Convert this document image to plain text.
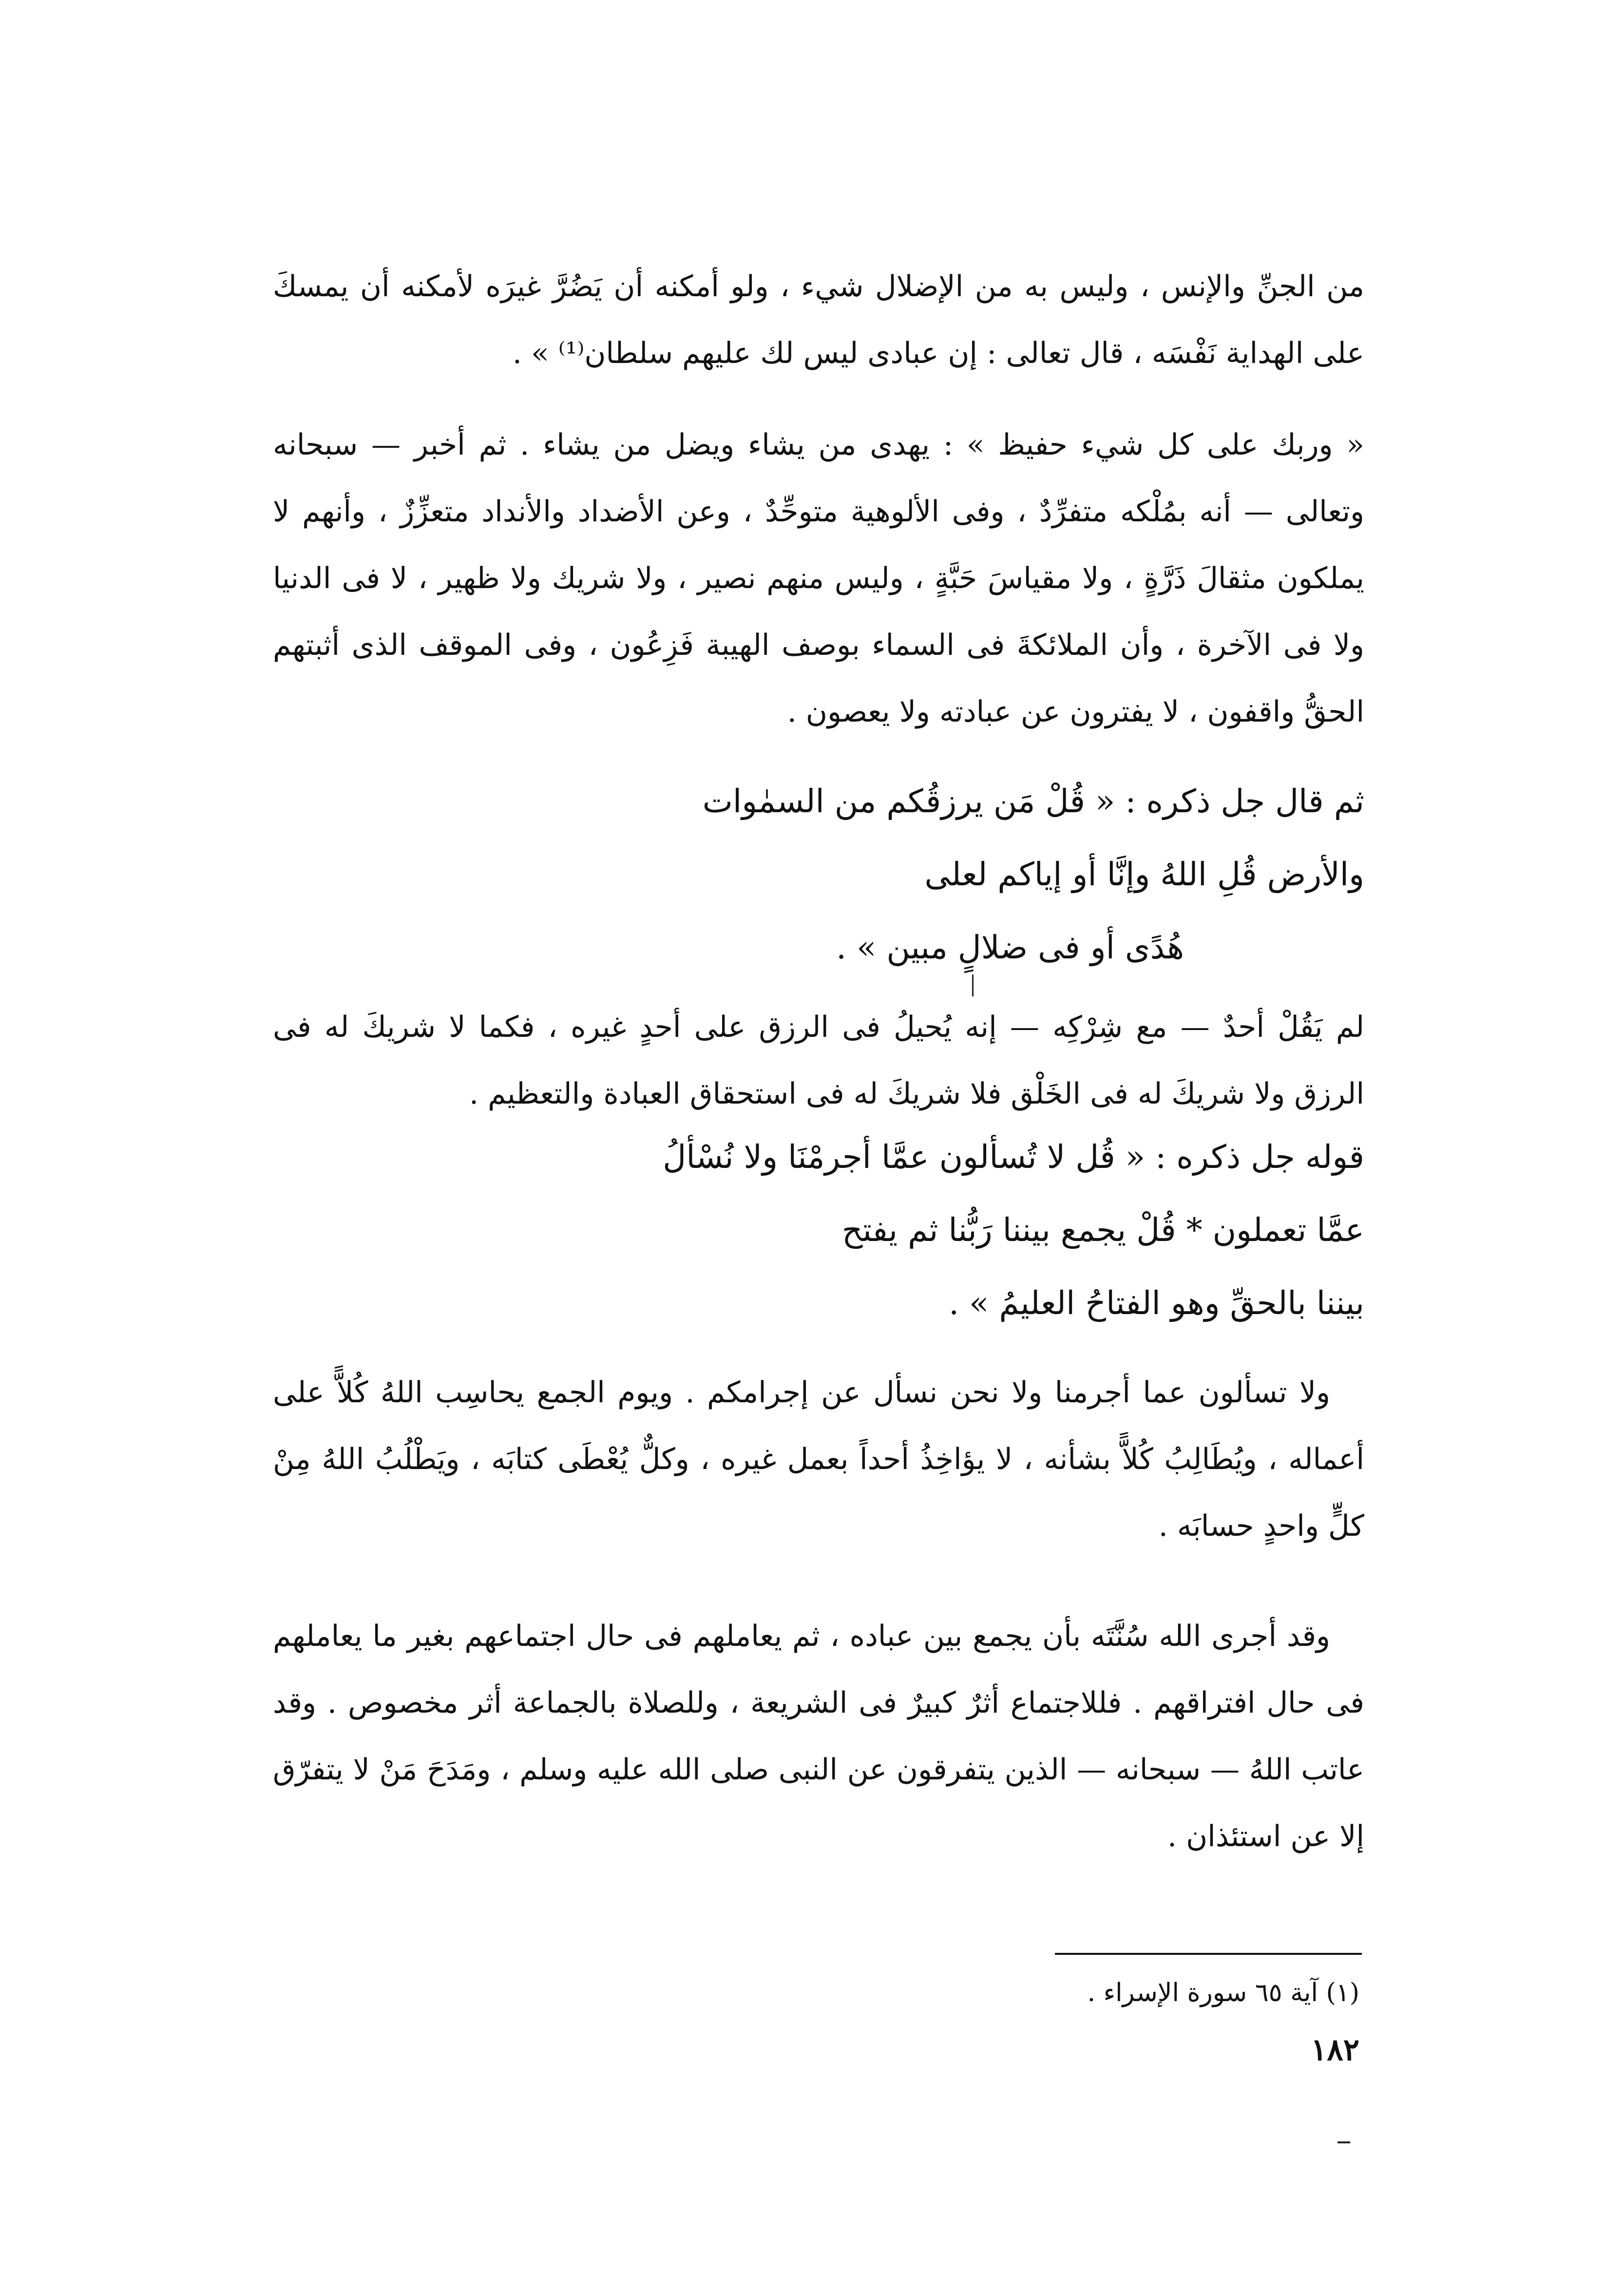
من الجنِّ والإنس ، وليس به من الإضلال شيء ، ولو أمكنه أن يَضُرَّ غيرَه لأمكنه أن يمسكَ على الهداية نَفْسَه ، قال تعالى : إن عبادى ليس لك عليهم سلطان⁽¹⁾ » .

« وربك على كل شيء حفيظ » : يهدى من يشاء ويضل من يشاء . ثم أخبر — سبحانه وتعالى — أنه بمُلْكه متفرِّدٌ ، وفى الألوهية متوحِّدٌ ، وعن الأضداد والأنداد متعزِّزٌ ، وأنهم لا يملكون مثقالَ ذَرَّةٍ ، ولا مقياسَ حَبَّةٍ ، وليس منهم نصير ، ولا شريك ولا ظهير ، لا فى الدنيا ولا فى الآخرة ، وأن الملائكةَ فى السماء بوصف الهيبة فَزِعُون ، وفى الموقف الذى أثبتهم الحقُّ واقفون ، لا يفترون عن عبادته ولا يعصون .

ثم قال جل ذكره : « قُلْ مَن يرزقُكم من السمٰوات
والأرض قُلِ اللهُ وإنَّا أو إياكم لعلى
هُدًى أو فى ضلالٍ مبين » .

لم يَقُلْ أحدٌ — مع شِرْكِه — إنه يُحيلُ فى الرزق على أحدٍ غيره ، فكما لا شريكَ له فى الرزق ولا شريكَ له فى الخَلْق فلا شريكَ له فى استحقاق العبادة والتعظيم .

قوله جل ذكره : « قُل لا تُسألون عمَّا أجرمْنَا ولا نُسْألُ
عمَّا تعملون * قُلْ يجمع بيننا رَبُّنا ثم يفتح
بيننا بالحقِّ وهو الفتاحُ العليمُ » .

ولا تسألون عما أجرمنا ولا نحن نسأل عن إجرامكم . ويوم الجمع يحاسِب اللهُ كُلاًّ على أعماله ، ويُطَالِبُ كُلاًّ بشأنه ، لا يؤاخِذُ أحداً بعمل غيره ، وكلٌّ يُعْطَى كتابَه ، ويَطْلُبُ اللهُ مِنْ كلٍّ واحدٍ حسابَه .

وقد أجرى الله سُنَّتَه بأن يجمع بين عباده ، ثم يعاملهم فى حال اجتماعهم بغير ما يعاملهم فى حال افتراقهم . فللاجتماع أثرٌ كبيرٌ فى الشريعة ، وللصلاة بالجماعة أثر مخصوص . وقد عاتب اللهُ — سبحانه — الذين يتفرقون عن النبى صلى الله عليه وسلم ، ومَدَحَ مَنْ لا يتفرّق إلا عن استئذان .

(١) آية ٦٥ سورة الإسراء .
١٨٢
